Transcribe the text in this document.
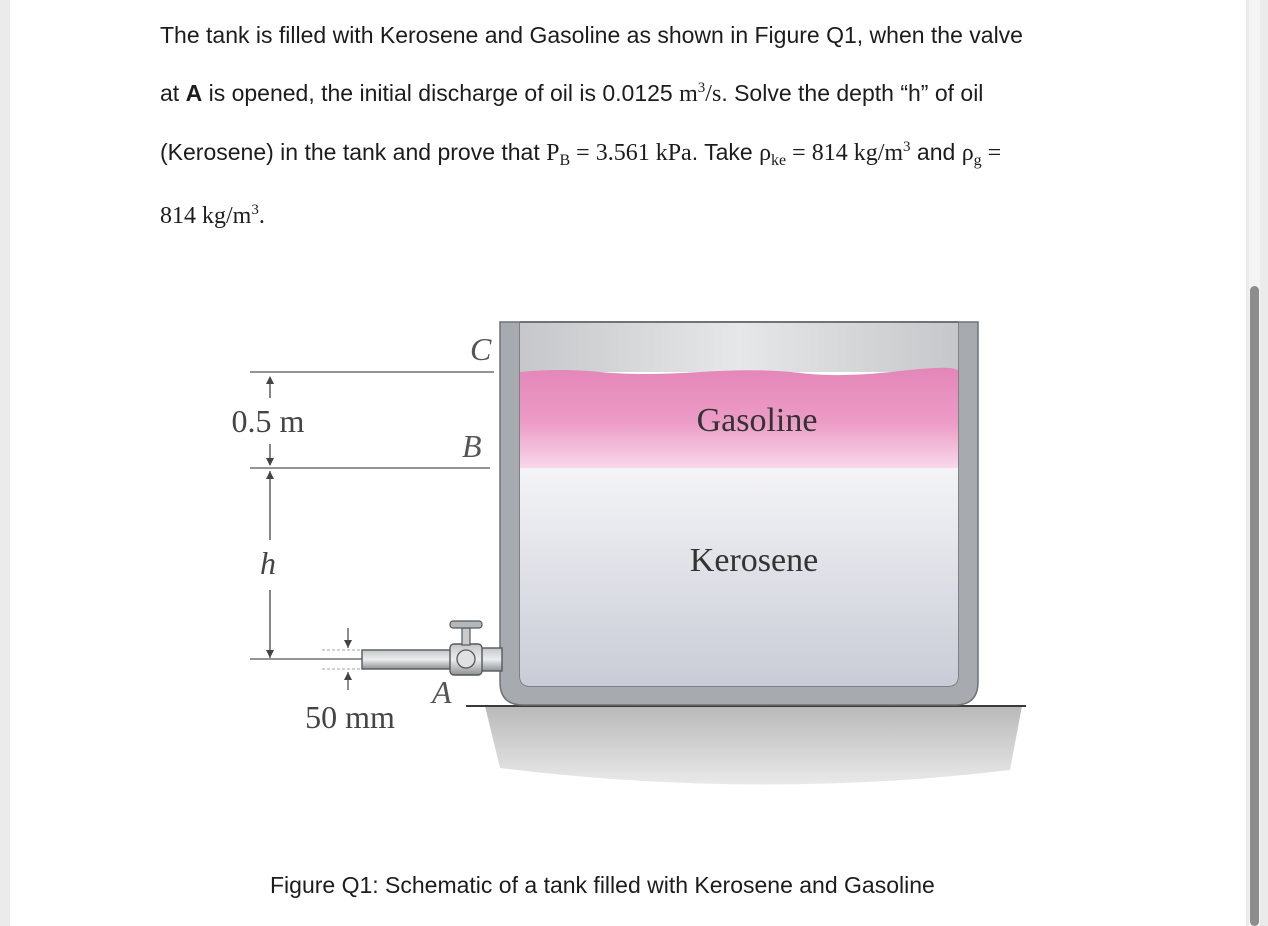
The tank is filled with Kerosene and Gasoline as shown in Figure Q1, when the valve
at A is opened, the initial discharge of oil is 0.0125 $m^3/s$. Solve the depth “h” of oil
(Kerosene) in the tank and prove that $P_B = 3.561$ kPa. Take $\rho_{ke} = 814$ $kg/m^3$ and $\rho_g$ =
814 $kg/m^3$.
Gasoline
Kerosene
C
B
0.5 m
h
50 mm
A
Figure Q1: Schematic of a tank filled with Kerosene and Gasoline
